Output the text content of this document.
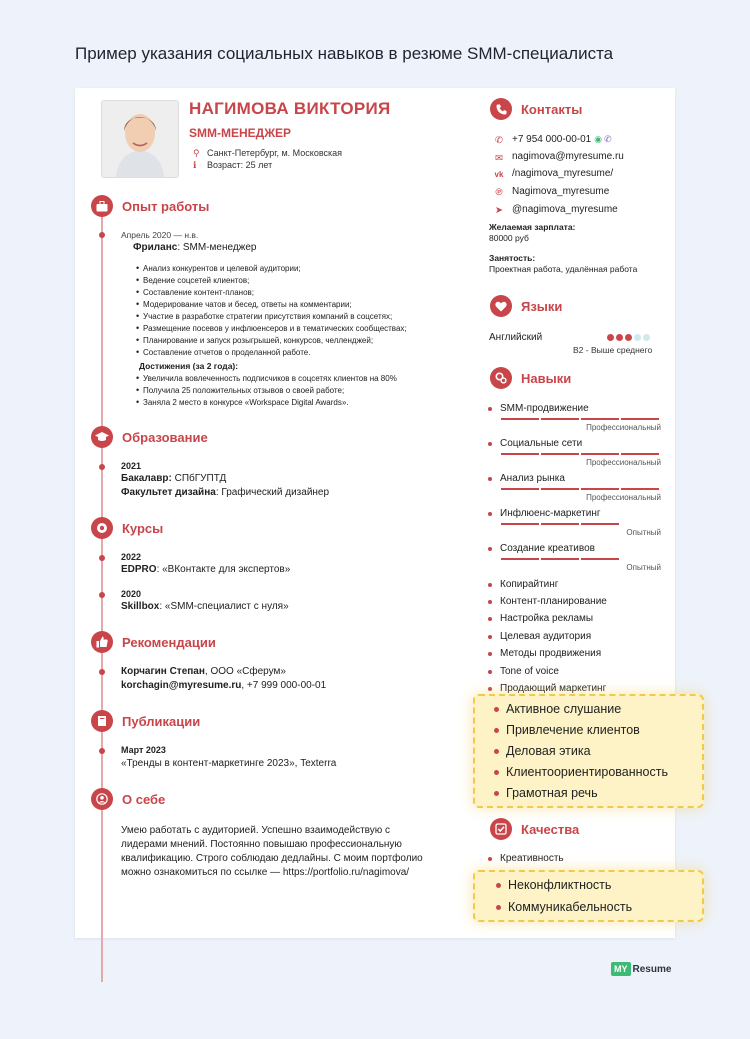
Пример указания социальных навыков в резюме SMM-специалиста
НАГИМОВА ВИКТОРИЯ
SMM-МЕНЕДЖЕР
⚲ Санкт-Петербург, м. Московская
ℹ Возраст: 25 лет
Опыт работы
Апрель 2020 — н.в.
Фриланс: SMM-менеджер
• Анализ конкурентов и целевой аудитории;
• Ведение соцсетей клиентов;
• Составление контент-планов;
• Модерирование чатов и бесед, ответы на комментарии;
• Участие в разработке стратегии присутствия компаний в соцсетях;
• Размещение посевов у инфлюенсеров и в тематических сообществах;
• Планирование и запуск розыгрышей, конкурсов, челленджей;
• Составление отчетов о проделанной работе.
Достижения (за 2 года):
• Увеличила вовлеченность подписчиков в соцсетях клиентов на 80%
• Получила 25 положительных отзывов о своей работе;
• Заняла 2 место в конкурсе «Workspace Digital Awards».
Образование
2021
Бакалавр: СПбГУПТД
Факультет дизайна: Графический дизайнер
Курсы
2022
EDPRO: «ВКонтакте для экспертов»
2020
Skillbox: «SMM-специалист с нуля»
Рекомендации
Корчагин Степан, ООО «Сферум»
korchagin@myresume.ru, +7 999 000-00-01
Публикации
Март 2023
«Тренды в контент-маркетинге 2023», Texterra
О себе
Умею работать с аудиторией. Успешно взаимодействую с
лидерами мнений. Постоянно повышаю профессиональную
квалификацию. Строго соблюдаю дедлайны. С моим портфолио
можно ознакомиться по ссылке — https://portfolio.ru/nagimova/
Контакты
✆ +7 954 000-00-01 ◉ ✆
✉ nagimova@myresume.ru
vk /nagimova_myresume/
℗ Nagimova_myresume
➤ @nagimova_myresume
Желаемая зарплата:
80000 руб
Занятость:
Проектная работа, удалённая работа
Языки
Английский
B2 - Выше среднего
Навыки
SMM-продвижение
Профессиональный
Социальные сети
Профессиональный
Анализ рынка
Профессиональный
Инфлюенс-маркетинг
Опытный
Создание креативов
Опытный
Копирайтинг
Контент-планирование
Настройка рекламы
Целевая аудитория
Методы продвижения
Tone of voice
Продающий маркетинг
Качества
Креативность
Активное слушание
Привлечение клиентов
Деловая этика
Клиентоориентированность
Грамотная речь
Неконфликтность
Коммуникабельность
MY Resume
